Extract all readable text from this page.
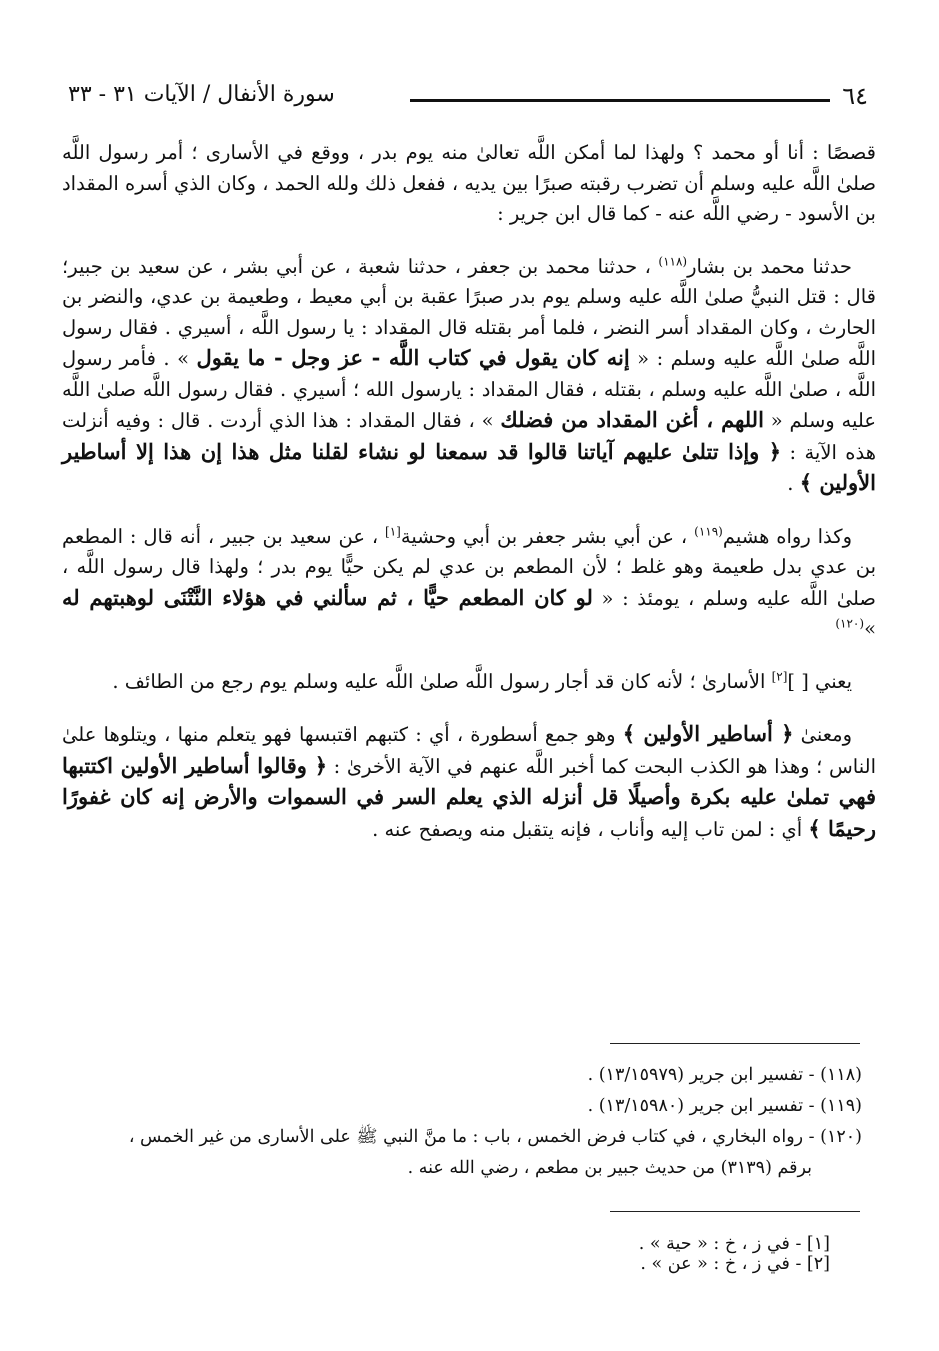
٦٤
سورة الأنفال / الآيات ٣١ - ٣٣

قصصًا : أنا أو محمد ؟ ولهذا لما أمكن اللَّه تعالىٰ منه يوم بدر ، ووقع في الأسارى ؛ أمر رسول اللَّه صلىٰ اللَّه عليه وسلم أن تضرب رقبته صبرًا بين يديه ، ففعل ذلك ولله الحمد ، وكان الذي أسره المقداد بن الأسود - رضي اللَّه عنه - كما قال ابن جرير :

حدثنا محمد بن بشار$^{(١١٨)}$ ، حدثنا محمد بن جعفر ، حدثنا شعبة ، عن أبي بشر ، عن سعيد بن جبير؛ قال : قتل النبيُّ صلىٰ اللَّه عليه وسلم يوم بدر صبرًا عقبة بن أبي معيط ، وطعيمة بن عدي، والنضر بن الحارث ، وكان المقداد أسر النضر ، فلما أمر بقتله قال المقداد : يا رسول اللَّه ، أسيري . فقال رسول اللَّه صلىٰ اللَّه عليه وسلم : « إنه كان يقول في كتاب اللَّه - عز وجل - ما يقول » . فأمر رسول اللَّه ، صلىٰ اللَّه عليه وسلم ، بقتله ، فقال المقداد : يارسول الله ؛ أسيري . فقال رسول اللَّه صلىٰ اللَّه عليه وسلم « اللهم ، أغن المقداد من فضلك » ، فقال المقداد : هذا الذي أردت . قال : وفيه أنزلت هذه الآية : ﴿ وإذا تتلىٰ عليهم آياتنا قالوا قد سمعنا لو نشاء لقلنا مثل هذا إن هذا إلا أساطير الأولين ﴾ .

وكذا رواه هشيم$^{(١١٩)}$ ، عن أبي بشر جعفر بن أبي وحشية[١] ، عن سعيد بن جبير ، أنه قال : المطعم بن عدي بدل طعيمة وهو غلط ؛ لأن المطعم بن عدي لم يكن حيًّا يوم بدر ؛ ولهذا قال رسول اللَّه ، صلىٰ اللَّه عليه وسلم ، يومئذ : « لو كان المطعم حيًّا ، ثم سألني في هؤلاء النَّتْنَى لوهبتهم له »$^{(١٢٠)}$

يعني [ ][٢] الأسارىٰ ؛ لأنه كان قد أجار رسول اللَّه صلىٰ اللَّه عليه وسلم يوم رجع من الطائف .

ومعنىٰ ﴿ أساطير الأولين ﴾ وهو جمع أسطورة ، أي : كتبهم اقتبسها فهو يتعلم منها ، ويتلوها علىٰ الناس ؛ وهذا هو الكذب البحت كما أخبر اللَّه عنهم في الآية الأخرىٰ : ﴿ وقالوا أساطير الأولين اكتتبها فهي تملىٰ عليه بكرة وأصيلًا قل أنزله الذي يعلم السر في السموات والأرض إنه كان غفورًا رحيمًا ﴾ أي : لمن تاب إليه وأناب ، فإنه يتقبل منه ويصفح عنه .

(١١٨) - تفسير ابن جرير (١٣/١٥٩٧٩) .

(١١٩) - تفسير ابن جرير (١٣/١٥٩٨٠) .

(١٢٠) - رواه البخاري ، في كتاب فرض الخمس ، باب : ما منَّ النبي ﷺ على الأسارى من غير الخمس ،

برقم (٣١٣٩) من حديث جبير بن مطعم ، رضي الله عنه .

[١] - في ز ، خ : « حية » . [٢] - في ز ، خ : « عن » .
